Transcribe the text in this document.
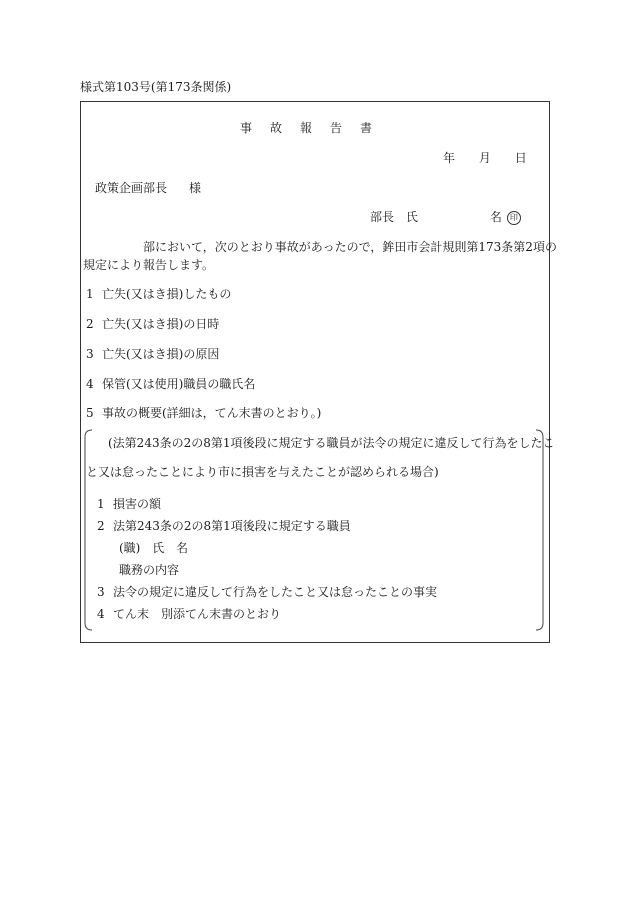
様式第103号(第173条関係)
事故報告書
年 月 日
政策企画部長 様
部長 氏	名 印
部において，次のとおり事故があったので，鉾田市会計規則第173条第2項の
規定により報告します。
1 亡失(又はき損)したもの
2 亡失(又はき損)の日時
3 亡失(又はき損)の原因
4 保管(又は使用)職員の職氏名
5 事故の概要(詳細は，てん末書のとおり。)
(法第243条の2の8第1項後段に規定する職員が法令の規定に違反して行為をしたこ
と又は怠ったことにより市に損害を与えたことが認められる場合)
1 損害の額
2 法第243条の2の8第1項後段に規定する職員
(職) 氏 名
職務の内容
3 法令の規定に違反して行為をしたこと又は怠ったことの事実
4 てん末　別添てん末書のとおり
